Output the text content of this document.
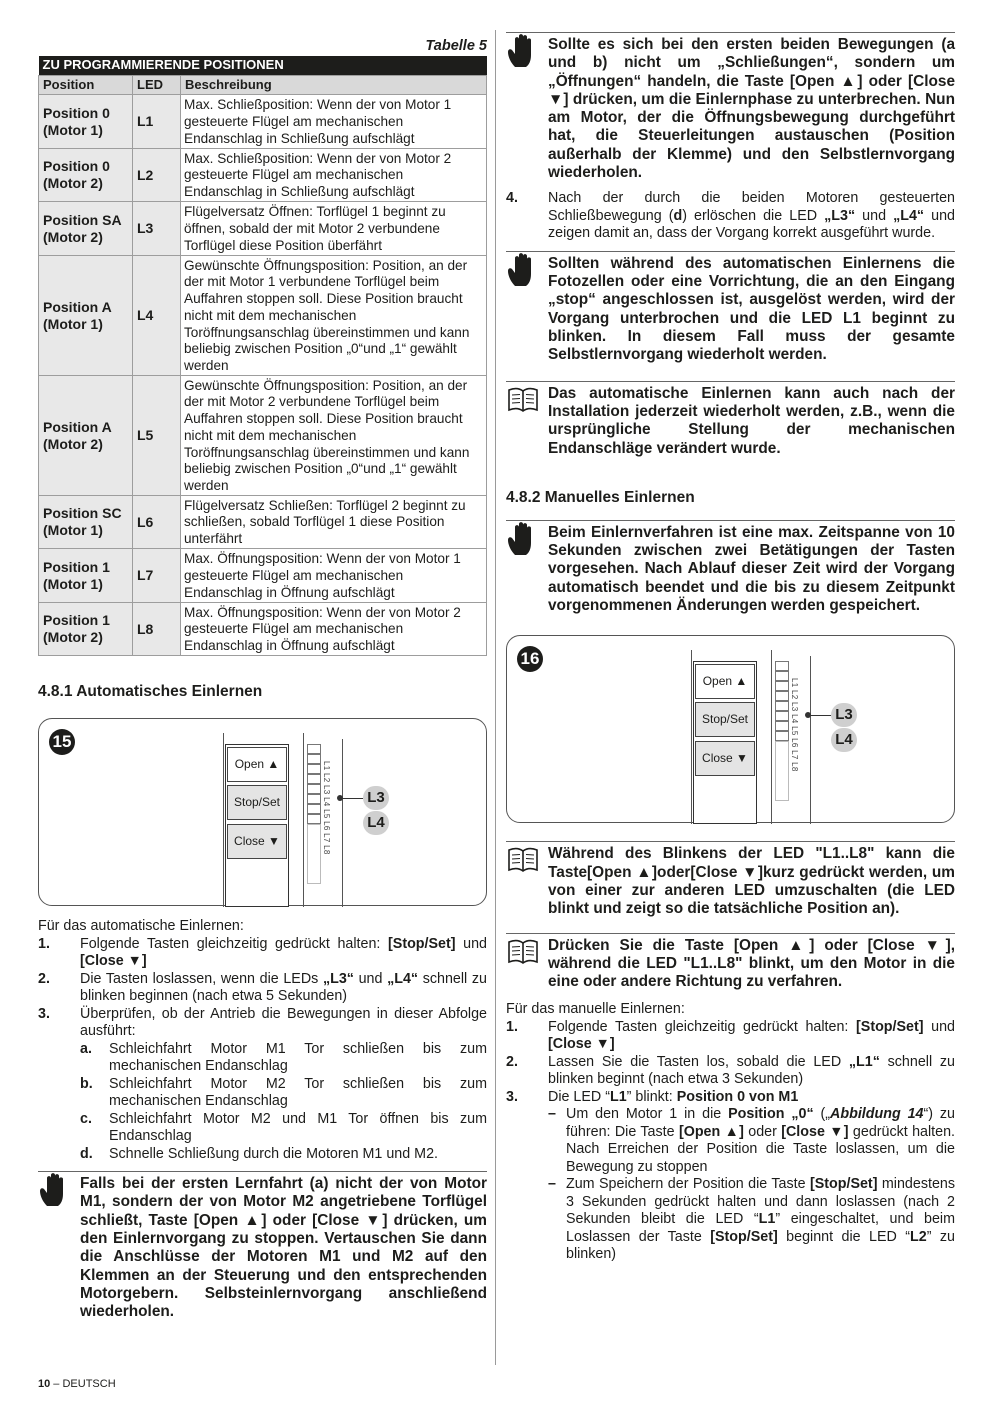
Tabelle 5
ZU PROGRAMMIERENDE POSITIONEN		
Position	LED	Beschreibung
Position 0
(Motor 1)	L1	Max. Schließposition: Wenn der von Motor 1 gesteuerte Flügel am mechanischen Endanschlag in Schließung aufschlägt
Position 0
(Motor 2)	L2	Max. Schließposition: Wenn der von Motor 2 gesteuerte Flügel am mechanischen Endanschlag in Schließung aufschlägt
Position SA
(Motor 2)	L3	Flügelversatz Öffnen: Torflügel 1 beginnt zu öffnen, sobald der mit Motor 2 verbundene Torflügel diese Position überfährt
Position A
(Motor 1)	L4	Gewünschte Öffnungsposition: Position, an der der mit Motor 1 verbundene Torflügel beim Auffahren stoppen soll. Diese Position braucht nicht mit dem mechanischen Toröffnungsanschlag übereinstimmen und kann beliebig zwischen Position „0“und „1“ gewählt werden
Position A
(Motor 2)	L5	Gewünschte Öffnungsposition: Position, an der der mit Motor 2 verbundene Torflügel beim Auffahren stoppen soll. Diese Position braucht nicht mit dem mechanischen Toröffnungsanschlag übereinstimmen und kann beliebig zwischen Position „0“und „1“ gewählt werden
Position SC
(Motor 1)	L6	Flügelversatz Schließen: Torflügel 2 beginnt zu schließen, sobald Torflügel 1 diese Position unterfährt
Position 1
(Motor 1)	L7	Max. Öffnungsposition: Wenn der von Motor 1 gesteuerte Flügel am mechanischen Endanschlag in Öffnung aufschlägt
Position 1
(Motor 2)	L8	Max. Öffnungsposition: Wenn der von Motor 2 gesteuerte Flügel am mechanischen Endanschlag in Öffnung aufschlägt
4.8.1 Automatisches Einlernen
15
Open ▲
Stop/Set
Close ▼	L1 L2 L3 L4 L5 L6 L7 L8 L3
L4
Für das automatische Einlernen:
1. Folgende Tasten gleichzeitig gedrückt halten: [Stop/Set] und [Close ▼]
2. Die Tasten loslassen, wenn die LEDs „L3“ und „L4“ schnell zu blinken beginnen (nach etwa 5 Sekunden)
3. Überprüfen, ob der Antrieb die Bewegungen in dieser Abfolge ausführt:
a. Schleichfahrt Motor M1 Tor schließen bis zum mechanischen Endanschlag
b. Schleichfahrt Motor M2 Tor schließen bis zum mechanischen Endanschlag
c. Schleichfahrt Motor M2 und M1 Tor öffnen bis zum Endanschlag
d. Schnelle Schließung durch die Motoren M1 und M2.

Falls bei der ersten Lernfahrt (a) nicht der von Motor M1, sondern der von Motor M2 angetriebene Torflügel schließt, Taste [Open ▲] oder [Close ▼] drücken, um den Einlernvorgang zu stoppen. Vertauschen Sie dann die Anschlüsse der Motoren M1 und M2 auf den Klemmen an der Steuerung und den entsprechenden Motorgebern. Selbsteinlernvorgang anschließend wiederholen.

Sollte es sich bei den ersten beiden Bewegungen (a und b) nicht um „Schließungen“, sondern um „Öffnungen“ handeln, die Taste [Open ▲] oder [Close ▼] drücken, um die Einlernphase zu unterbrechen. Nun am Motor, der die Öffnungsbewegung durchgeführt hat, die Steuerleitungen austauschen (Position außerhalb der Klemme) und den Selbstlernvorgang wiederholen.

4. Nach der durch die beiden Motoren gesteuerten Schließbewegung (d) erlöschen die LED „L3“ und „L4“ und zeigen damit an, dass der Vorgang korrekt ausgeführt wurde.

Sollten während des automatischen Einlernens die Fotozellen oder eine Vorrichtung, die an den Eingang „stop“ angeschlossen ist, ausgelöst werden, wird der Vorgang unterbrochen und die LED L1 beginnt zu blinken. In diesem Fall muss der gesamte Selbstlernvorgang wiederholt werden.

Das automatische Einlernen kann auch nach der Installation jederzeit wiederholt werden, z.B., wenn die ursprüngliche Stellung der mechanischen Endanschläge verändert wurde.

4.8.2 Manuelles Einlernen

Beim Einlernverfahren ist eine max. Zeitspanne von 10 Sekunden zwischen zwei Betätigungen der Tasten vorgesehen. Nach Ablauf dieser Zeit wird der Vorgang automatisch beendet und die bis zu diesem Zeitpunkt vorgenommenen Änderungen werden gespeichert.

16
Open ▲
Stop/Set
Close ▼	L1 L2 L3 L4 L5 L6 L7 L8 L3
L4

Während des Blinkens der LED "L1..L8" kann die Taste[Open ▲]oder[Close ▼]kurz gedrückt werden, um von einer zur anderen LED umzuschalten (die LED blinkt und zeigt so die tatsächliche Position an).

Drücken Sie die Taste [Open ▲] oder [Close ▼], während die LED "L1..L8" blinkt, um den Motor in die eine oder andere Richtung zu verfahren.

Für das manuelle Einlernen:
1. Folgende Tasten gleichzeitig gedrückt halten: [Stop/Set] und [Close ▼]
2. Lassen Sie die Tasten los, sobald die LED „L1“ schnell zu blinken beginnt (nach etwa 3 Sekunden)
3. Die LED “L1” blinkt: Position 0 von M1
– Um den Motor 1 in die Position „0“ („Abbildung 14“) zu führen: Die Taste [Open ▲] oder [Close ▼] gedrückt halten. Nach Erreichen der Position die Taste loslassen, um die Bewegung zu stoppen
– Zum Speichern der Position die Taste [Stop/Set] mindestens 3 Sekunden gedrückt halten und dann loslassen (nach 2 Sekunden bleibt die LED “L1” eingeschaltet, und beim Loslassen der Taste [Stop/Set] beginnt die LED “L2” zu blinken)
10 – DEUTSCH
